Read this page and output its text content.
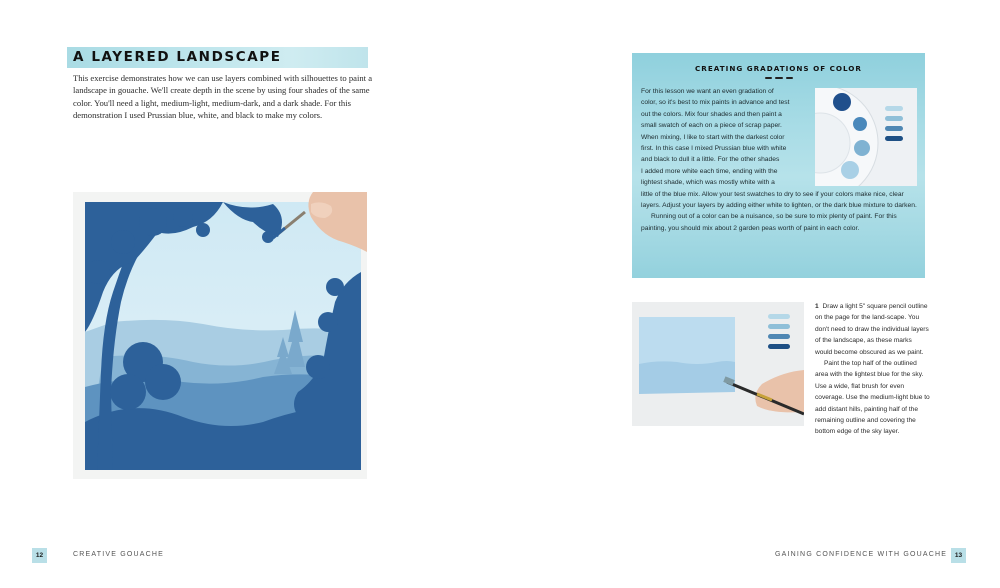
A LAYERED LANDSCAPE

This exercise demonstrates how we can use layers combined with silhouettes to paint a landscape in gouache. We'll create depth in the scene by using four shades of the same color. You'll need a light, medium-light, medium-dark, and a dark shade. For this demonstration I used Prussian blue, white, and black to make my colors.

12	CREATIVE GOUACHE
CREATING GRADATIONS OF COLOR

For this lesson we want an even gradation of
color, so it's best to mix paints in advance and test
out the colors. Mix four shades and then paint a
small swatch of each on a piece of scrap paper.
When mixing, I like to start with the darkest color
first. In this case I mixed Prussian blue with white
and black to dull it a little. For the other shades
I added more white each time, ending with the
lightest shade, which was mostly white with a
little of the blue mix. Allow your test swatches to dry to see if your colors make nice, clear layers. Adjust your layers by adding either white to lighten, or the dark blue mixture to darken.

Running out of a color can be a nuisance, so be sure to mix plenty of paint. For this painting, you should mix about 2 garden peas worth of paint in each color.

1 Draw a light 5" square pencil outline on the page for the land-scape. You don't need to draw the individual layers of the landscape, as these marks would become obscured as we paint.
Paint the top half of the outlined area with the lightest blue for the sky. Use a wide, flat brush for even coverage. Use the medium-light blue to add distant hills, painting half of the remaining outline and covering the bottom edge of the sky layer.
GAINING CONFIDENCE WITH GOUACHE 13
